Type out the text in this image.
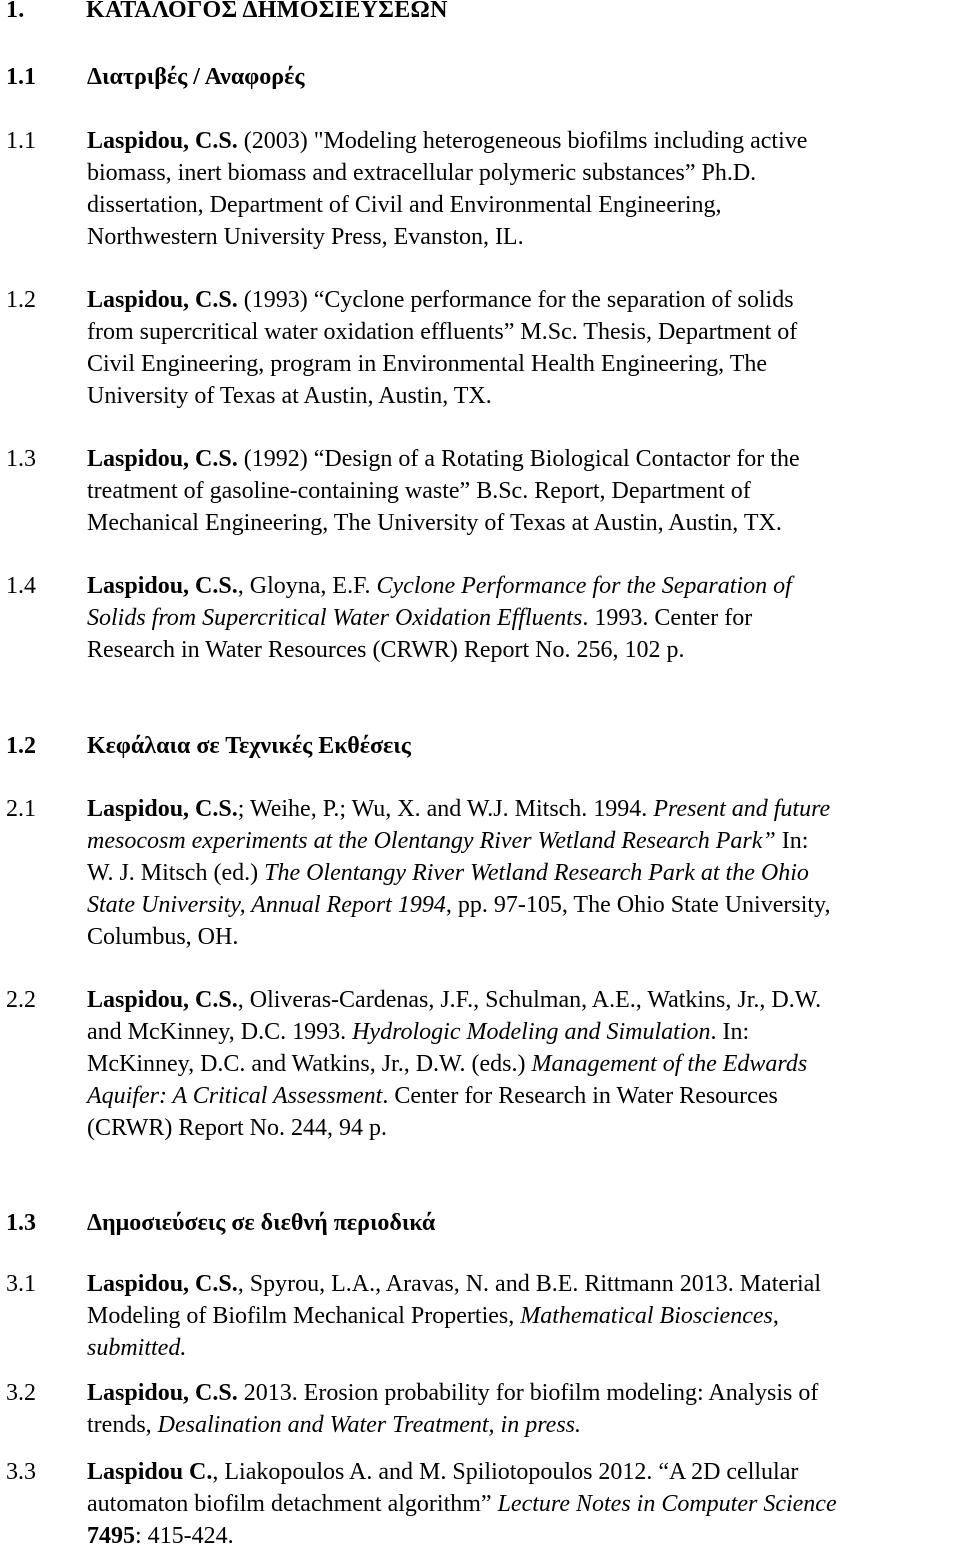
1.	ΚΑΤΑΛΟΓΟΣ ΔΗΜΟΣΙΕΥΣΕΩΝ
1.1 Διατριβές / Αναφορές
1.1 Laspidou, C.S. (2003) "Modeling heterogeneous biofilms including active
biomass, inert biomass and extracellular polymeric substances” Ph.D.
dissertation, Department of Civil and Environmental Engineering,
Northwestern University Press, Evanston, IL.
1.2 Laspidou, C.S. (1993) “Cyclone performance for the separation of solids
from supercritical water oxidation effluents” M.Sc. Thesis, Department of
Civil Engineering, program in Environmental Health Engineering, The
University of Texas at Austin, Austin, TX.
1.3 Laspidou, C.S. (1992) “Design of a Rotating Biological Contactor for the
treatment of gasoline-containing waste” B.Sc. Report, Department of
Mechanical Engineering, The University of Texas at Austin, Austin, TX.
1.4 Laspidou, C.S., Gloyna, E.F. Cyclone Performance for the Separation of
Solids from Supercritical Water Oxidation Effluents. 1993. Center for
Research in Water Resources (CRWR) Report No. 256, 102 p.
1.2 Κεφάλαια σε Τεχνικές Εκθέσεις
2.1 Laspidou, C.S.; Weihe, P.; Wu, X. and W.J. Mitsch. 1994. Present and future
mesocosm experiments at the Olentangy River Wetland Research Park” In:
W. J. Mitsch (ed.) The Olentangy River Wetland Research Park at the Ohio
State University, Annual Report 1994, pp. 97-105, The Ohio State University,
Columbus, OH.
2.2 Laspidou, C.S., Oliveras-Cardenas, J.F., Schulman, A.E., Watkins, Jr., D.W.
and McKinney, D.C. 1993. Hydrologic Modeling and Simulation. In:
McKinney, D.C. and Watkins, Jr., D.W. (eds.) Management of the Edwards
Aquifer: A Critical Assessment. Center for Research in Water Resources
(CRWR) Report No. 244, 94 p.
1.3 Δημοσιεύσεις σε διεθνή περιοδικά
3.1 Laspidou, C.S., Spyrou, L.A., Aravas, N. and B.E. Rittmann 2013. Material
Modeling of Biofilm Mechanical Properties, Mathematical Biosciences,
submitted.
3.2 Laspidou, C.S. 2013. Erosion probability for biofilm modeling: Analysis of
trends, Desalination and Water Treatment, in press.
3.3 Laspidou C., Liakopoulos A. and M. Spiliotopoulos 2012. “A 2D cellular
automaton biofilm detachment algorithm” Lecture Notes in Computer Science
7495: 415-424.
